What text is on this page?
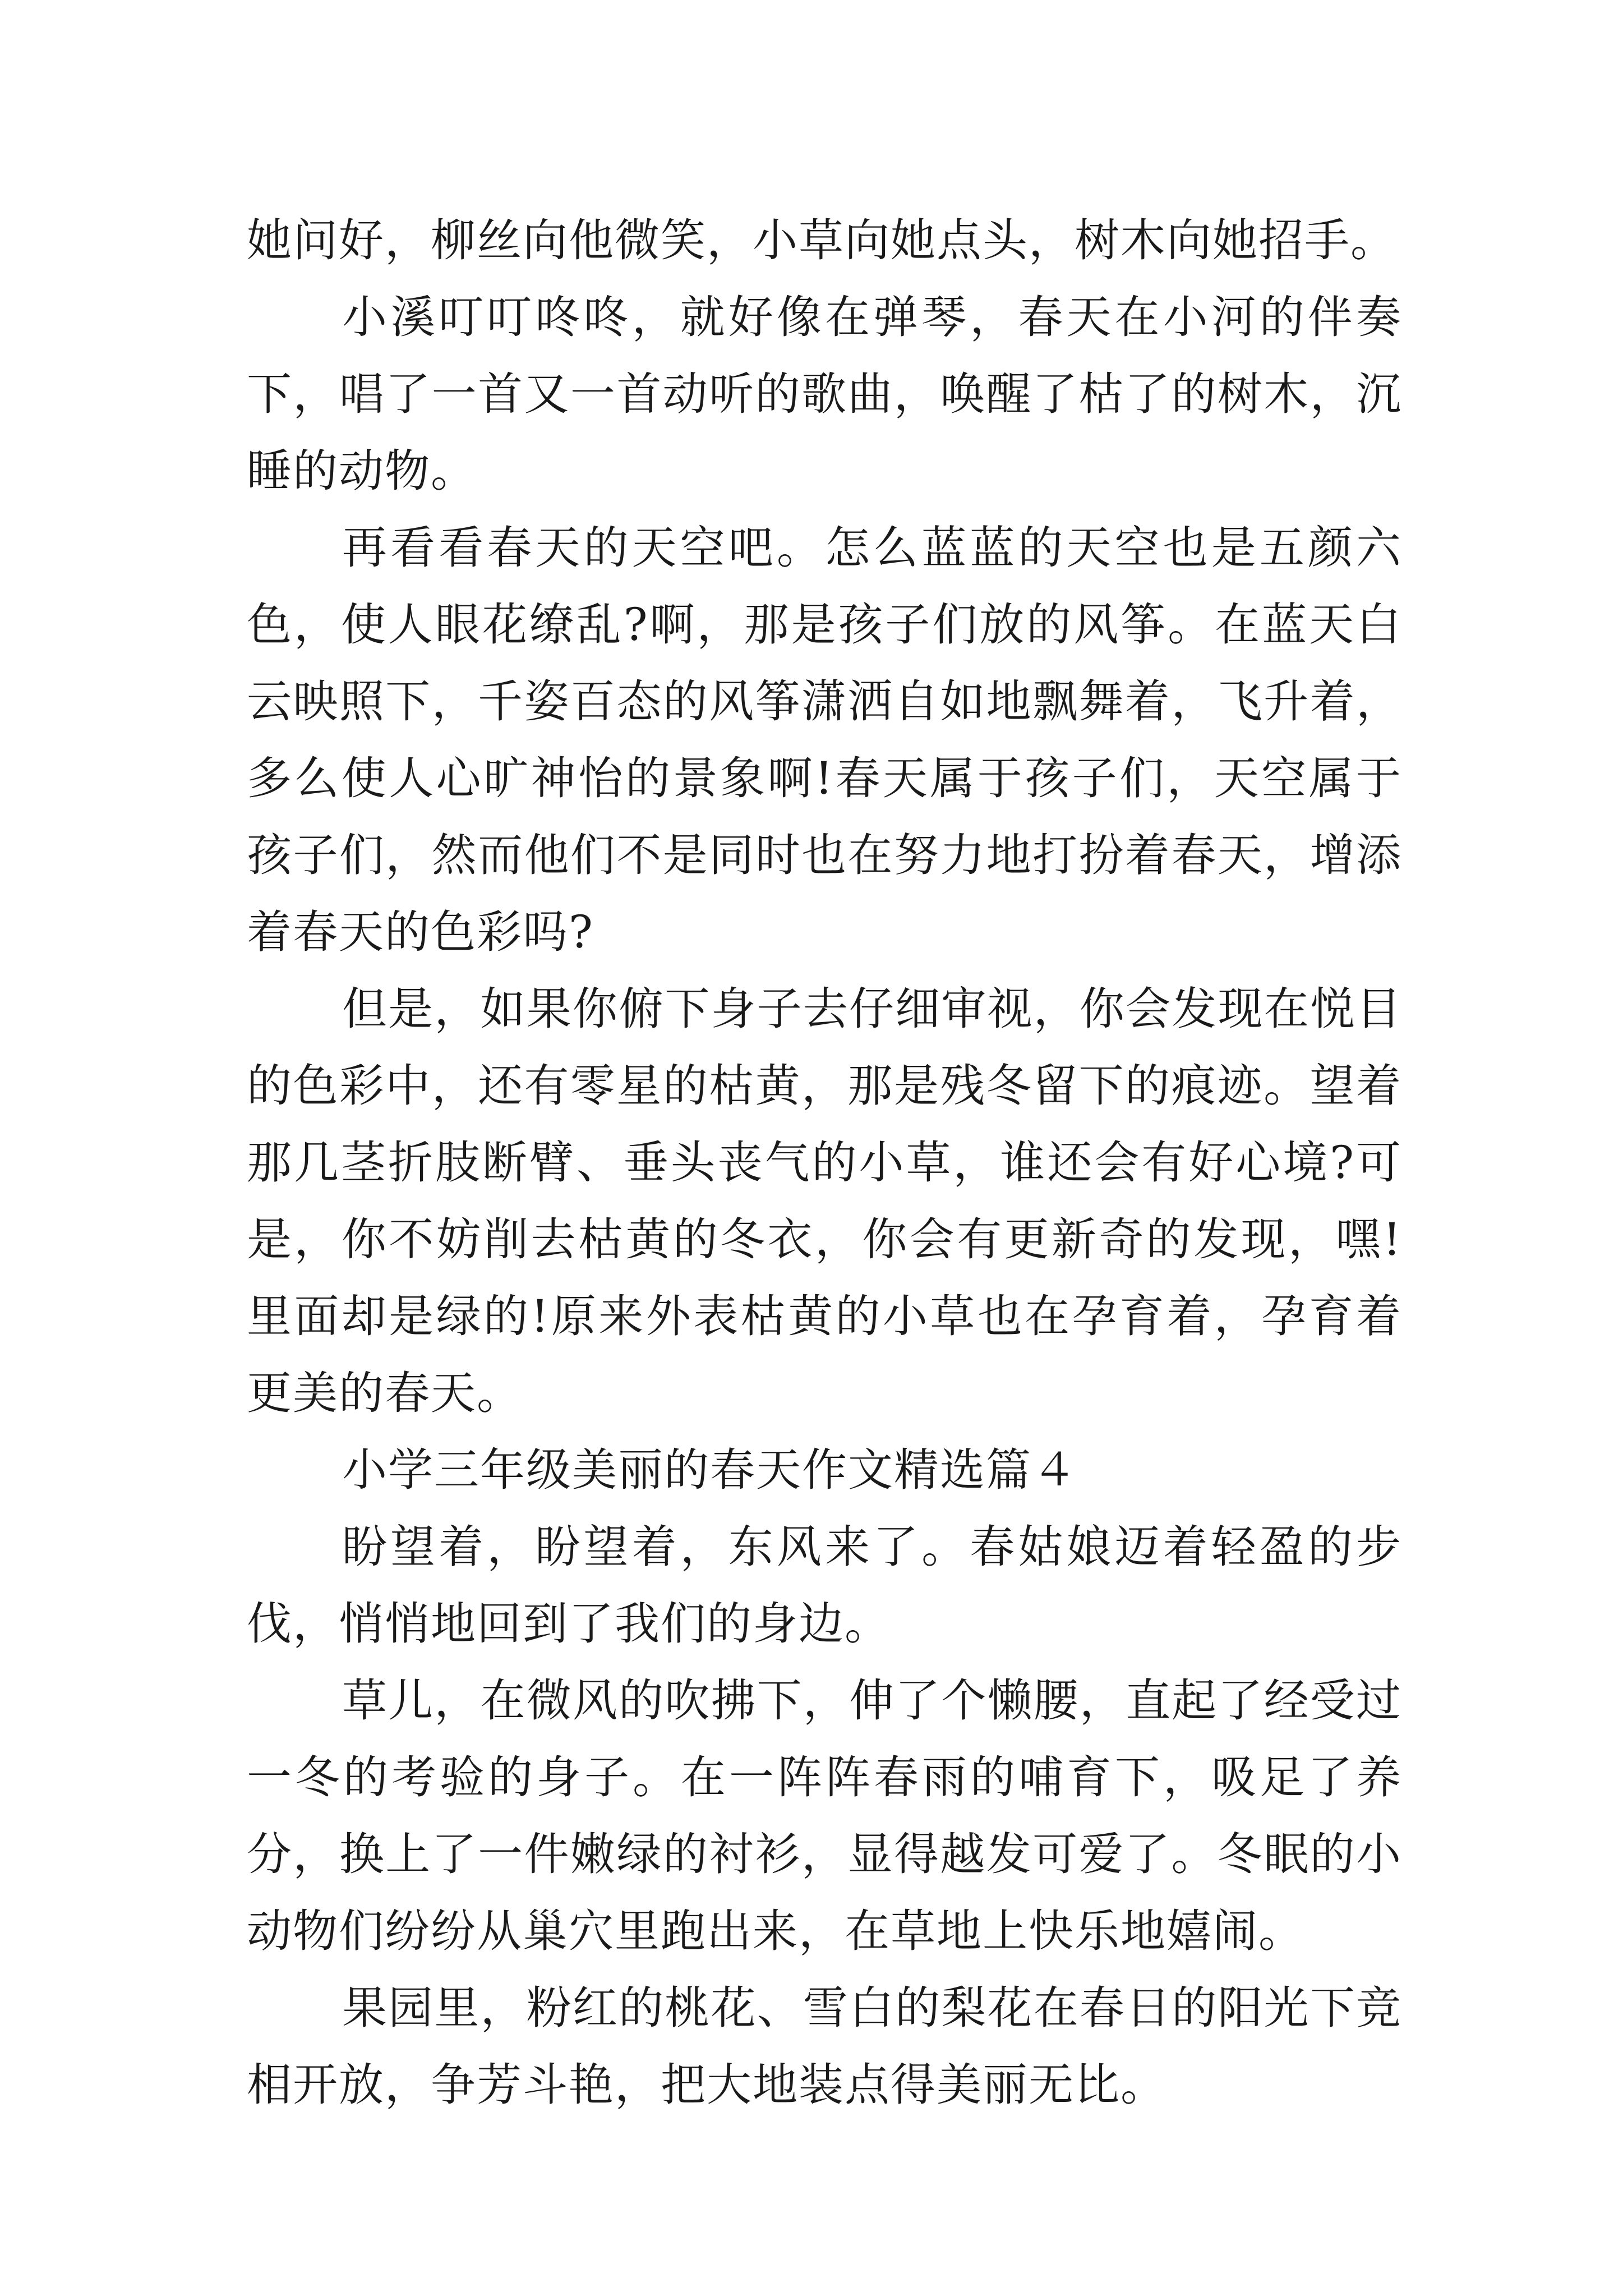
她问好，柳丝向他微笑，小草向她点头，树木向她招手。

小溪叮叮咚咚，就好像在弹琴，春天在小河的伴奏下，唱了一首又一首动听的歌曲，唤醒了枯了的树木，沉睡的动物。

再看看春天的天空吧。怎么蓝蓝的天空也是五颜六色，使人眼花缭乱?啊，那是孩子们放的风筝。在蓝天白云映照下，千姿百态的风筝潇洒自如地飘舞着，飞升着，多么使人心旷神怡的景象啊!春天属于孩子们，天空属于孩子们，然而他们不是同时也在努力地打扮着春天，增添着春天的色彩吗?

但是，如果你俯下身子去仔细审视，你会发现在悦目的色彩中，还有零星的枯黄，那是残冬留下的痕迹。望着那几茎折肢断臂、垂头丧气的小草，谁还会有好心境?可是，你不妨削去枯黄的冬衣，你会有更新奇的发现，嘿!里面却是绿的!原来外表枯黄的小草也在孕育着，孕育着更美的春天。

小学三年级美丽的春天作文精选篇４

盼望着，盼望着，东风来了。春姑娘迈着轻盈的步伐，悄悄地回到了我们的身边。

草儿，在微风的吹拂下，伸了个懒腰，直起了经受过一冬的考验的身子。在一阵阵春雨的哺育下，吸足了养分，换上了一件嫩绿的衬衫，显得越发可爱了。冬眠的小动物们纷纷从巢穴里跑出来，在草地上快乐地嬉闹。

果园里，粉红的桃花、雪白的梨花在春日的阳光下竞相开放，争芳斗艳，把大地装点得美丽无比。
